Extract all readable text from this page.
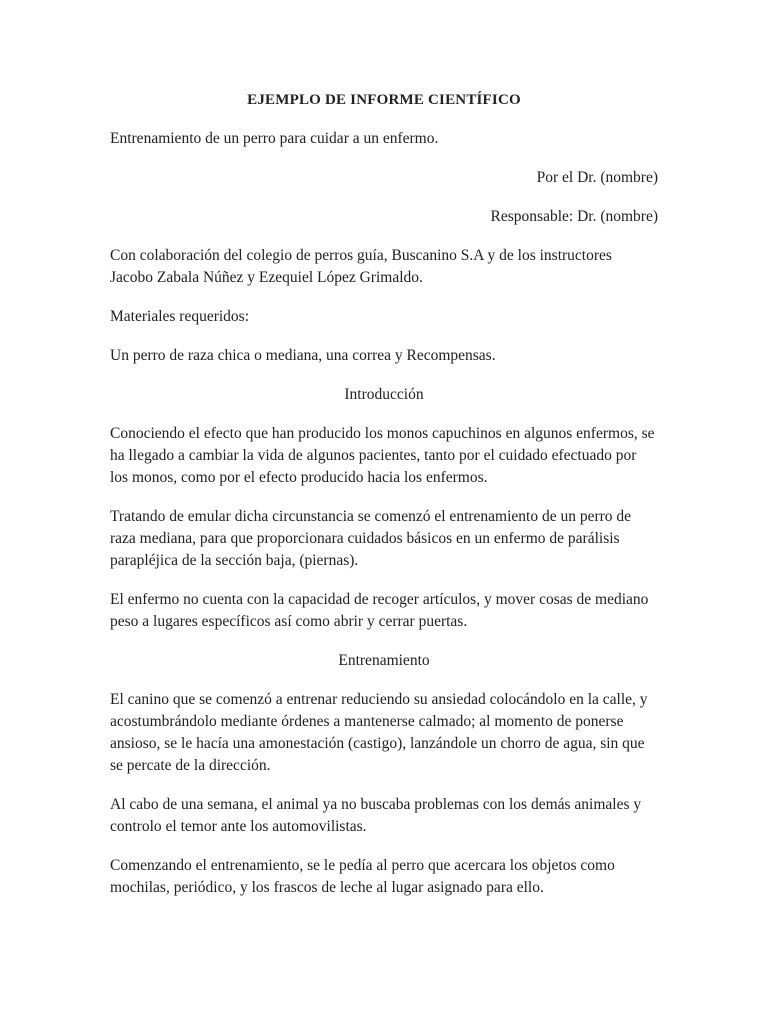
EJEMPLO DE INFORME CIENTÍFICO

Entrenamiento de un perro para cuidar a un enfermo.

Por el Dr. (nombre)

Responsable: Dr. (nombre)

Con colaboración del colegio de perros guía, Buscanino S.A y de los instructores Jacobo Zabala Núñez y Ezequiel López Grimaldo.

Materiales requeridos:

Un perro de raza chica o mediana, una correa y Recompensas.

Introducción

Conociendo el efecto que han producido los monos capuchinos en algunos enfermos, se ha llegado a cambiar la vida de algunos pacientes, tanto por el cuidado efectuado por los monos, como por el efecto producido hacia los enfermos.

Tratando de emular dicha circunstancia se comenzó el entrenamiento de un perro de raza mediana, para que proporcionara cuidados básicos en un enfermo de parálisis parapléjica de la sección baja, (piernas).

El enfermo no cuenta con la capacidad de recoger artículos, y mover cosas de mediano peso a lugares específicos así como abrir y cerrar puertas.

Entrenamiento

El canino que se comenzó a entrenar reduciendo su ansiedad colocándolo en la calle, y acostumbrándolo mediante órdenes a mantenerse calmado; al momento de ponerse ansioso, se le hacía una amonestación (castigo), lanzándole un chorro de agua, sin que se percate de la dirección.

Al cabo de una semana, el animal ya no buscaba problemas con los demás animales y controlo el temor ante los automovilistas.

Comenzando el entrenamiento, se le pedía al perro que acercara los objetos como mochilas, periódico, y los frascos de leche al lugar asignado para ello.
